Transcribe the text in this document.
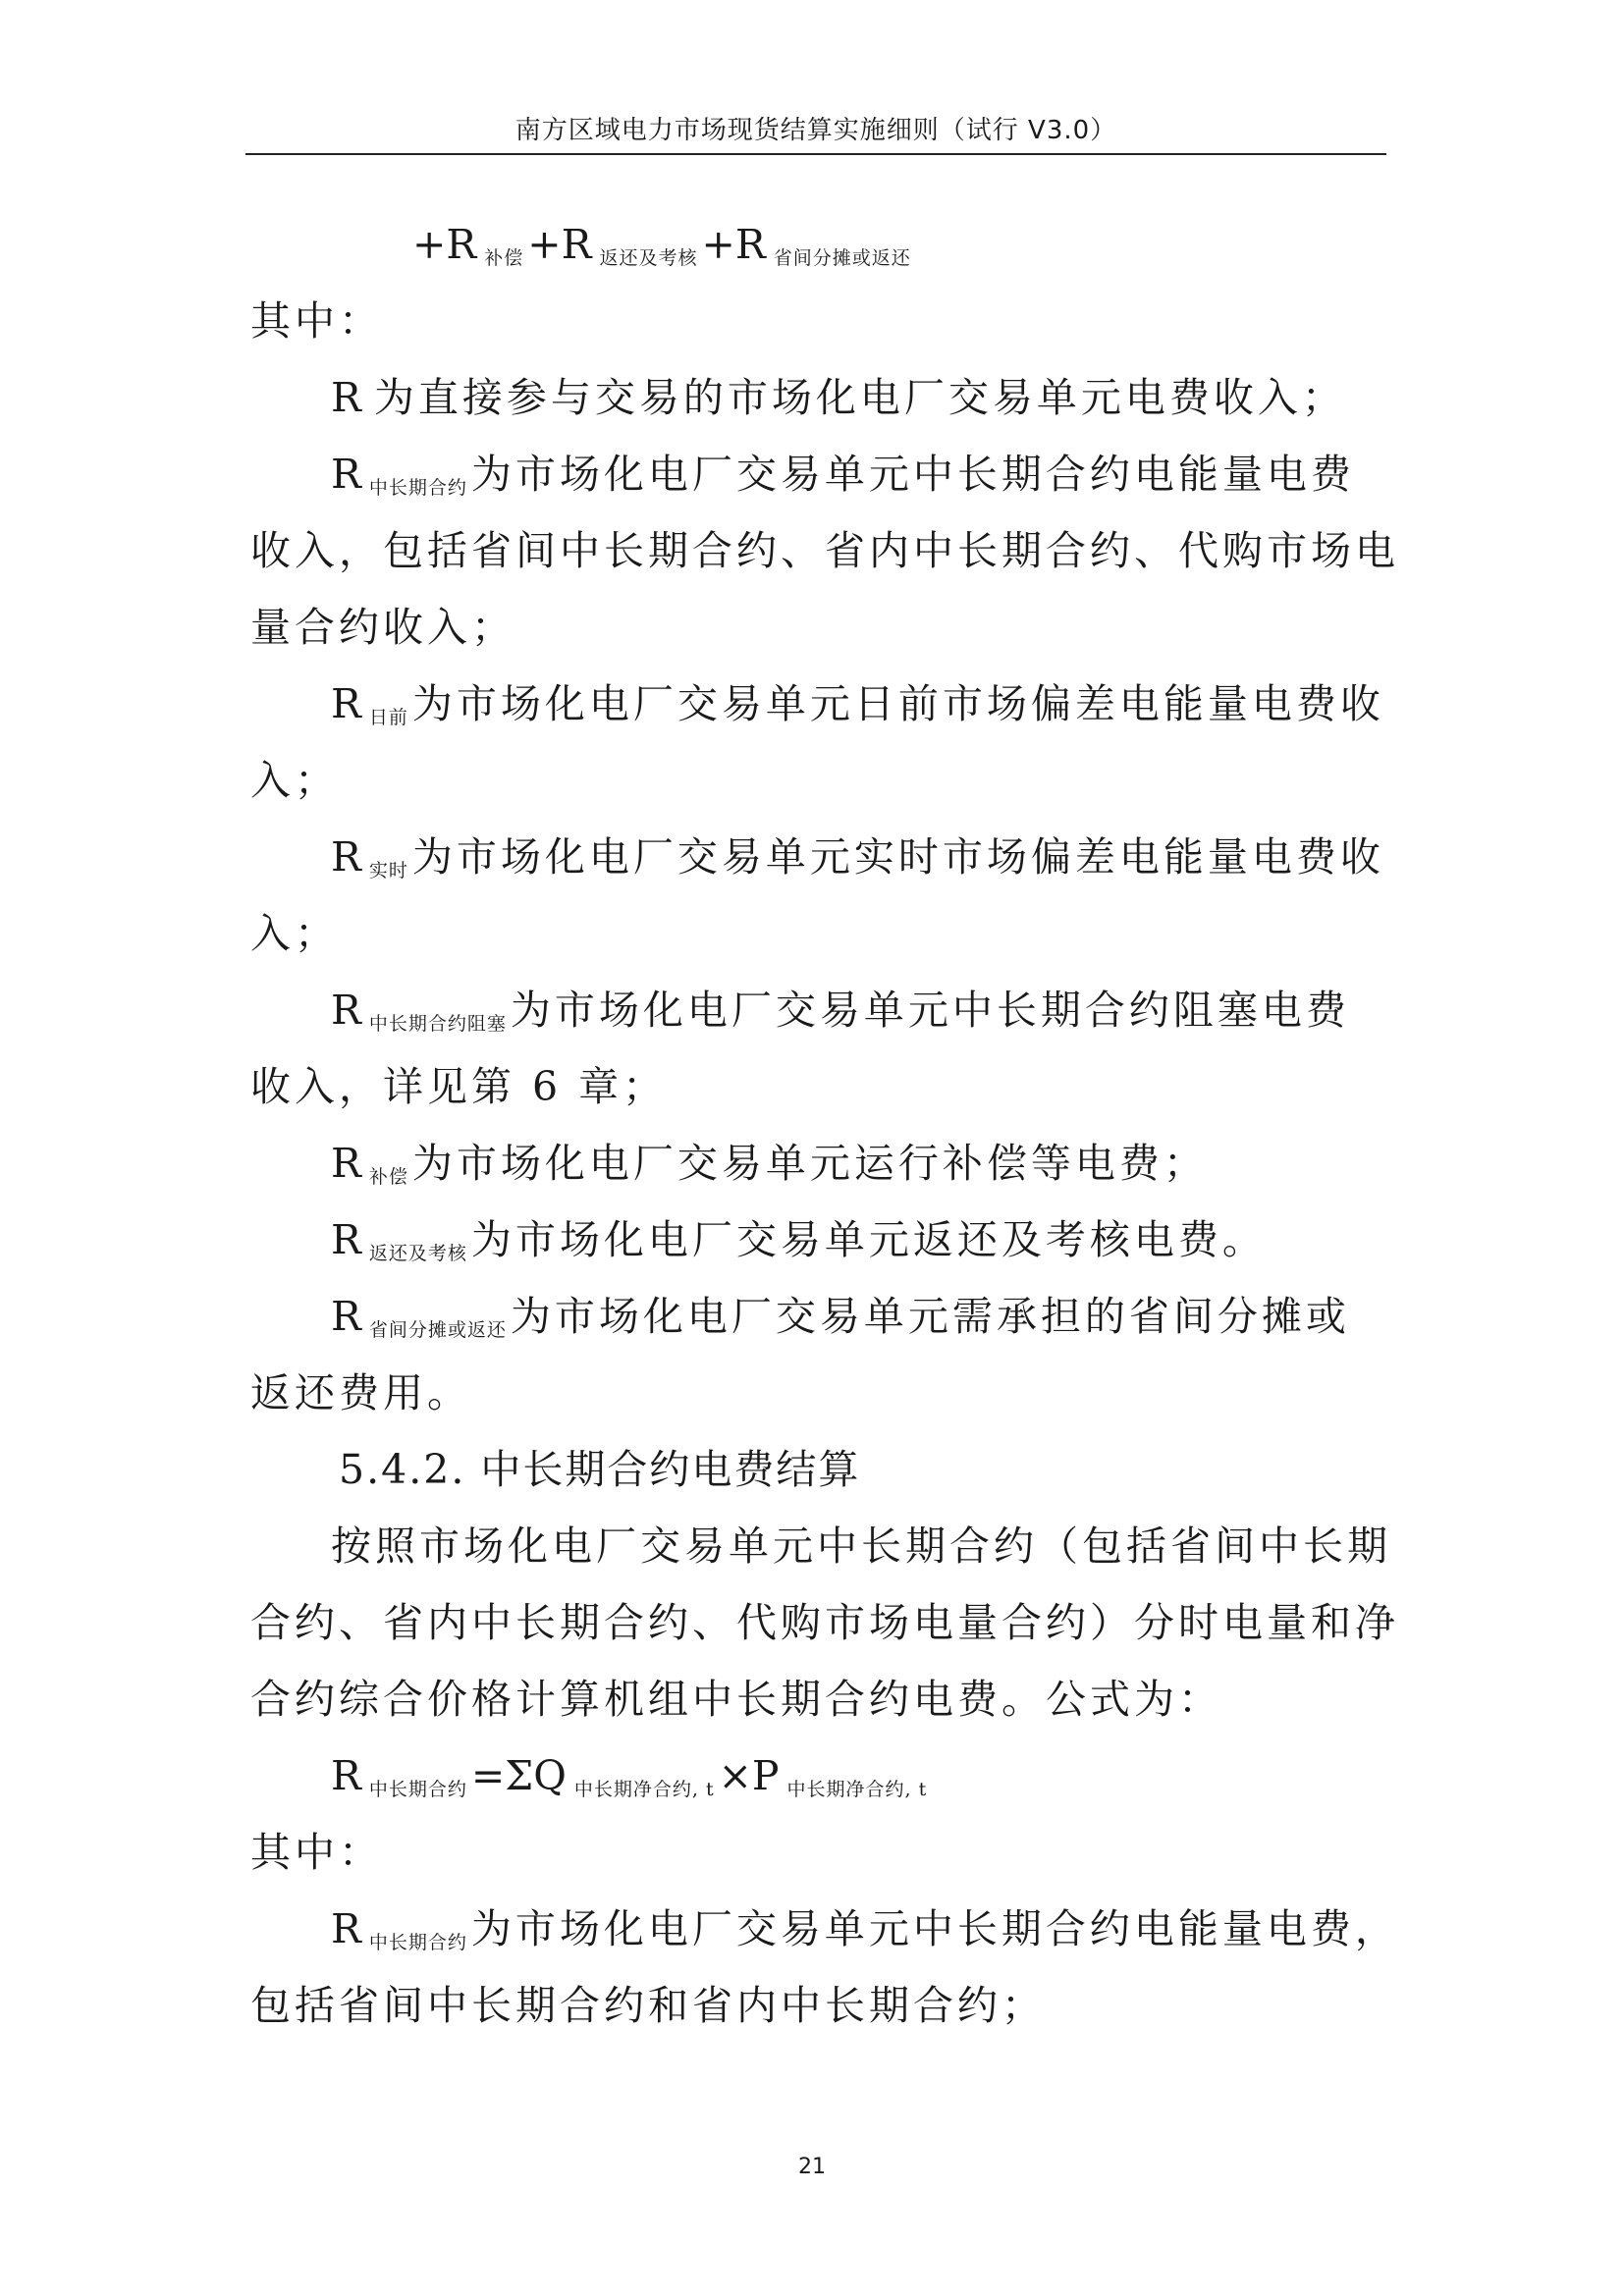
南方区域电力市场现货结算实施细则（试行 V3.0）
+R $_{补偿}$+R $_{返还及考核}$+R $_{省间分摊或返还}$
其中：
R 为直接参与交易的市场化电厂交易单元电费收入；
R $_{中长期合约}$为市场化电厂交易单元中长期合约电能量电费
收入，包括省间中长期合约、省内中长期合约、代购市场电
量合约收入；
R $_{日前}$为市场化电厂交易单元日前市场偏差电能量电费收
入；
R $_{实时}$为市场化电厂交易单元实时市场偏差电能量电费收
入；
R $_{中长期合约阻塞}$为市场化电厂交易单元中长期合约阻塞电费
收入，详见第 6 章；
R $_{补偿}$为市场化电厂交易单元运行补偿等电费；
R $_{返还及考核}$为市场化电厂交易单元返还及考核电费。
R $_{省间分摊或返还}$为市场化电厂交易单元需承担的省间分摊或
返还费用。
5.4.2. 中长期合约电费结算
按照市场化电厂交易单元中长期合约（包括省间中长期
合约、省内中长期合约、代购市场电量合约）分时电量和净
合约综合价格计算机组中长期合约电费。公式为：
R $_{中长期合约}$=ΣQ $_{中长期净合约, t}$×P $_{中长期净合约, t}$
其中：
R $_{中长期合约}$为市场化电厂交易单元中长期合约电能量电费，
包括省间中长期合约和省内中长期合约；
21
